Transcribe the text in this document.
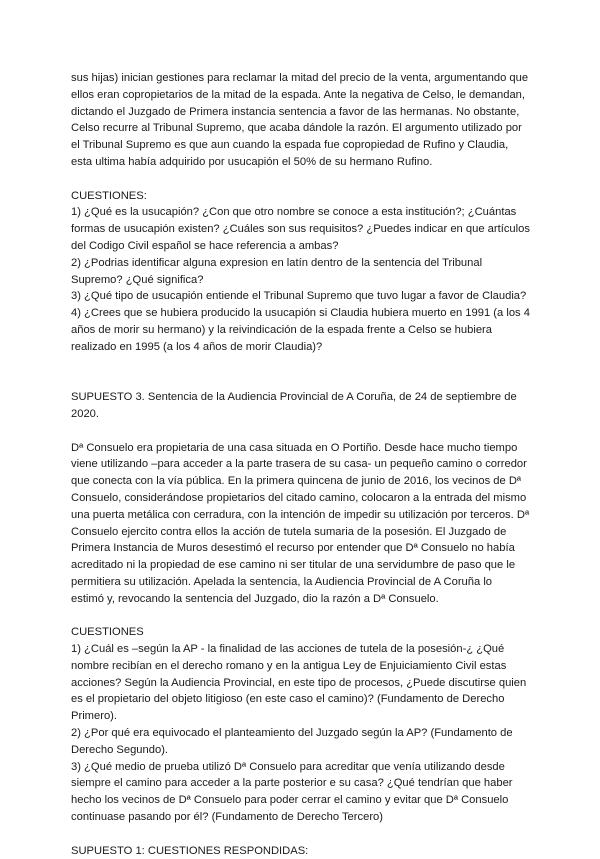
sus hijas) inician gestiones para reclamar la mitad del precio de la venta, argumentando que
ellos eran copropietarios de la mitad de la espada. Ante la negativa de Celso, le demandan,
dictando el Juzgado de Primera instancia sentencia a favor de las hermanas. No obstante,
Celso recurre al Tribunal Supremo, que acaba dándole la razón. El argumento utilizado por
el Tribunal Supremo es que aun cuando la espada fue copropiedad de Rufino y Claudia,
esta ultima había adquirido por usucapión el 50% de su hermano Rufino.
CUESTIONES:
1) ¿Qué es la usucapión? ¿Con que otro nombre se conoce a esta institución?; ¿Cuántas
formas de usucapión existen? ¿Cuáles son sus requisitos? ¿Puedes indicar en que artículos
del Codigo Civil español se hace referencia a ambas?
2) ¿Podrias identificar alguna expresion en latín dentro de la sentencia del Tribunal
Supremo? ¿Qué significa?
3) ¿Qué tipo de usucapión entiende el Tribunal Supremo que tuvo lugar a favor de Claudia?
4) ¿Crees que se hubiera producido la usucapión si Claudia hubiera muerto en 1991 (a los 4
años de morir su hermano) y la reivindicación de la espada frente a Celso se hubiera
realizado en 1995 (a los 4 años de morir Claudia)?
SUPUESTO 3. Sentencia de la Audiencia Provincial de A Coruña, de 24 de septiembre de
2020.
Dª Consuelo era propietaria de una casa situada en O Portiño. Desde hace mucho tiempo
viene utilizando –para acceder a la parte trasera de su casa- un pequeño camino o corredor
que conecta con la vía pública. En la primera quincena de junio de 2016, los vecinos de Dª
Consuelo, considerándose propietarios del citado camino, colocaron a la entrada del mismo
una puerta metálica con cerradura, con la intención de impedir su utilización por terceros. Dª
Consuelo ejercito contra ellos la acción de tutela sumaria de la posesión. El Juzgado de
Primera Instancia de Muros desestimó el recurso por entender que Dª Consuelo no había
acreditado ni la propiedad de ese camino ni ser titular de una servidumbre de paso que le
permitiera su utilización. Apelada la sentencia, la Audiencia Provincial de A Coruña lo
estimó y, revocando la sentencia del Juzgado, dio la razón a Dª Consuelo.
CUESTIONES
1) ¿Cuál es –según la AP - la finalidad de las acciones de tutela de la posesión-¿ ¿Qué
nombre recibían en el derecho romano y en la antigua Ley de Enjuiciamiento Civil estas
acciones? Según la Audiencia Provincial, en este tipo de procesos, ¿Puede discutirse quien
es el propietario del objeto litigioso (en este caso el camino)? (Fundamento de Derecho
Primero).
2) ¿Por qué era equivocado el planteamiento del Juzgado según la AP? (Fundamento de
Derecho Segundo).
3) ¿Qué medio de prueba utilizó Dª Consuelo para acreditar que venía utilizando desde
siempre el camino para acceder a la parte posterior e su casa? ¿Qué tendrían que haber
hecho los vecinos de Dª Consuelo para poder cerrar el camino y evitar que Dª Consuelo
continuase pasando por él? (Fundamento de Derecho Tercero)

SUPUESTO 1: CUESTIONES RESPONDIDAS:
